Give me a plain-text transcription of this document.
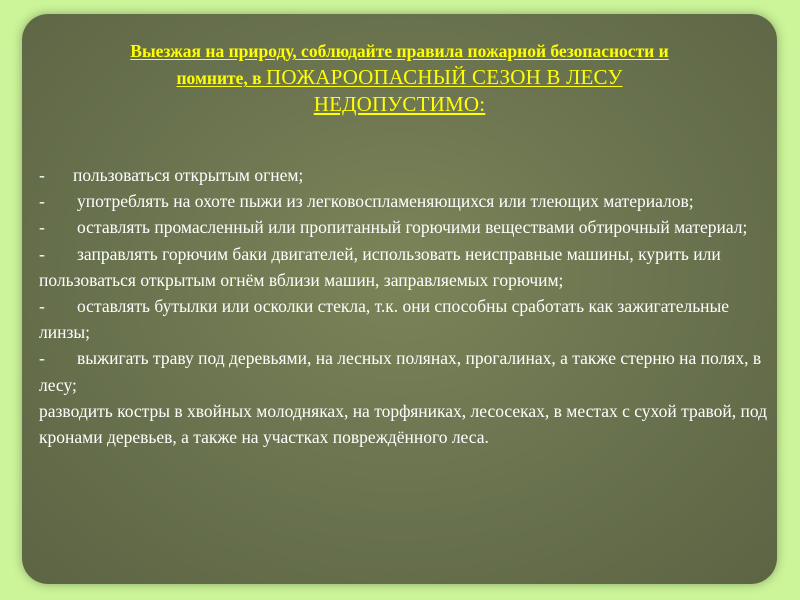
Выезжая на природу, соблюдайте правила пожарной безопасности и
помните, в ПОЖАРООПАСНЫЙ СЕЗОН В ЛЕСУ
НЕДОПУСТИМО:

- пользоваться открытым огнем;

- употреблять на охоте пыжи из легковоспламеняющихся или тлеющих материалов;

- оставлять промасленный или пропитанный горючими веществами обтирочный материал;

- заправлять горючим баки двигателей, использовать неисправные машины, курить или пользоваться открытым огнём вблизи машин, заправляемых горючим;

- оставлять бутылки или осколки стекла, т.к. они способны сработать как зажигательные линзы;

- выжигать траву под деревьями, на лесных полянах, прогалинах, а также стерню на полях, в лесу;

разводить костры в хвойных молодняках, на торфяниках, лесосеках, в местах с сухой травой, под кронами деревьев, а также на участках повреждённого леса.
